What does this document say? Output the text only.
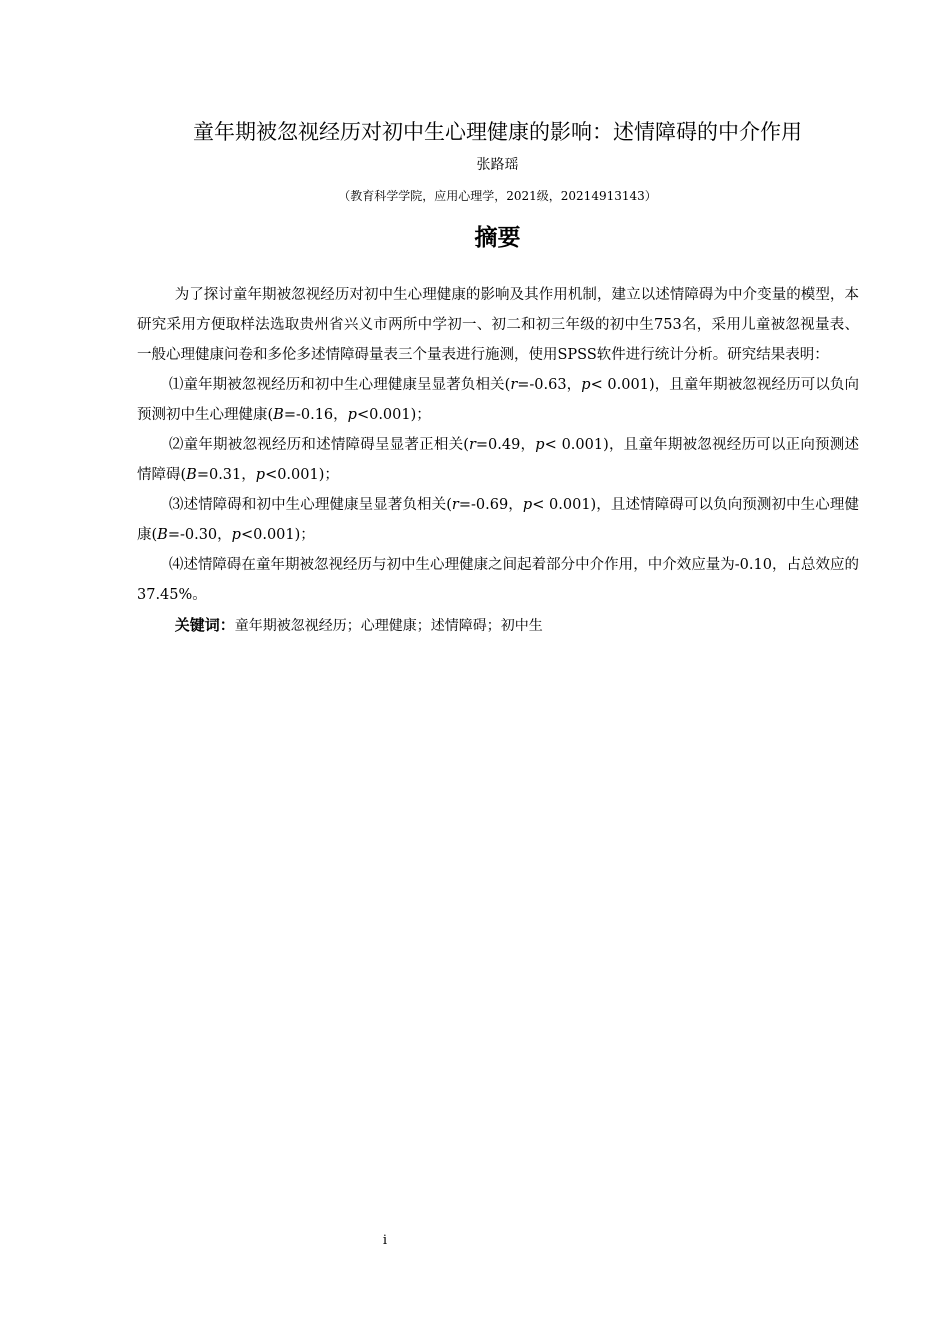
童年期被忽视经历对初中生心理健康的影响：述情障碍的中介作用
张路瑶
（教育科学学院，应用心理学，2021级，20214913143）
摘要

为了探讨童年期被忽视经历对初中生心理健康的影响及其作用机制，建立以述情障碍为中介变量的模型，本研究采用方便取样法选取贵州省兴义市两所中学初一、初二和初三年级的初中生753名，采用儿童被忽视量表、一般心理健康问卷和多伦多述情障碍量表三个量表进行施测，使用SPSS软件进行统计分析。研究结果表明：

⑴童年期被忽视经历和初中生心理健康呈显著负相关(r=-0.63，p< 0.001)，且童年期被忽视经历可以负向预测初中生心理健康(B=-0.16，p<0.001)；

⑵童年期被忽视经历和述情障碍呈显著正相关(r=0.49，p< 0.001)，且童年期被忽视经历可以正向预测述情障碍(B=0.31，p<0.001)；

⑶述情障碍和初中生心理健康呈显著负相关(r=-0.69，p< 0.001)，且述情障碍可以负向预测初中生心理健康(B=-0.30，p<0.001)；

⑷述情障碍在童年期被忽视经历与初中生心理健康之间起着部分中介作用，中介效应量为-0.10，占总效应的37.45%。

关键词：童年期被忽视经历；心理健康；述情障碍；初中生

i
